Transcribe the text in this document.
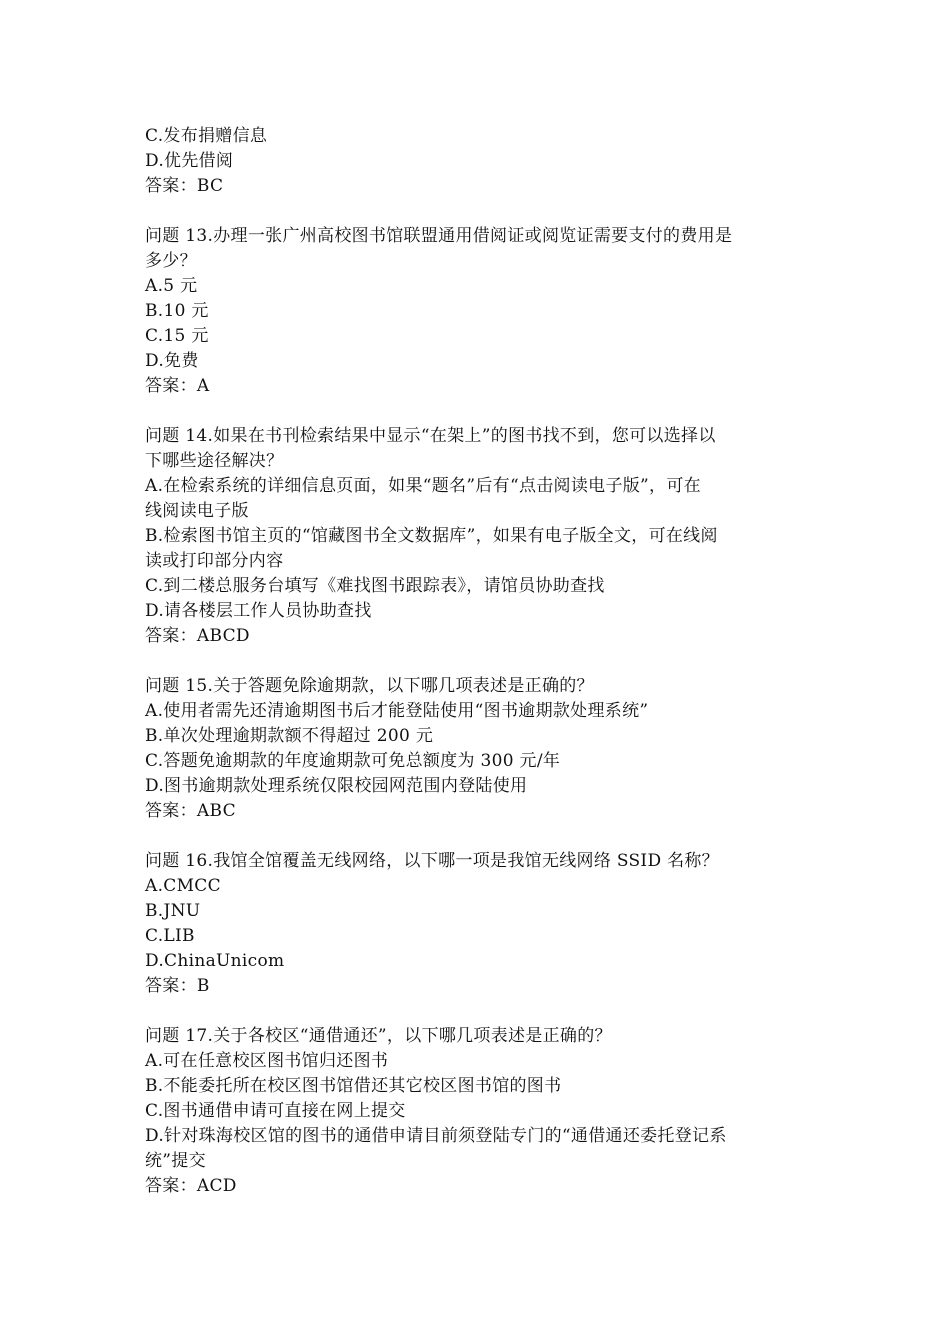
C.发布捐赠信息
D.优先借阅
答案：BC
问题 13.办理一张广州高校图书馆联盟通用借阅证或阅览证需要支付的费用是
多少？
A.5 元
B.10 元
C.15 元
D.免费
答案：A
问题 14.如果在书刊检索结果中显示“在架上”的图书找不到，您可以选择以
下哪些途径解决？
A.在检索系统的详细信息页面，如果“题名”后有“点击阅读电子版”，可在
线阅读电子版
B.检索图书馆主页的“馆藏图书全文数据库”，如果有电子版全文，可在线阅
读或打印部分内容
C.到二楼总服务台填写《难找图书跟踪表》，请馆员协助查找
D.请各楼层工作人员协助查找
答案：ABCD
问题 15.关于答题免除逾期款，以下哪几项表述是正确的？
A.使用者需先还清逾期图书后才能登陆使用“图书逾期款处理系统”
B.单次处理逾期款额不得超过 200 元
C.答题免逾期款的年度逾期款可免总额度为 300 元/年
D.图书逾期款处理系统仅限校园网范围内登陆使用
答案：ABC
问题 16.我馆全馆覆盖无线网络，以下哪一项是我馆无线网络 SSID 名称？
A.CMCC
B.JNU
C.LIB
D.ChinaUnicom
答案：B
问题 17.关于各校区“通借通还”，以下哪几项表述是正确的？
A.可在任意校区图书馆归还图书
B.不能委托所在校区图书馆借还其它校区图书馆的图书
C.图书通借申请可直接在网上提交
D.针对珠海校区馆的图书的通借申请目前须登陆专门的“通借通还委托登记系
统”提交
答案：ACD
